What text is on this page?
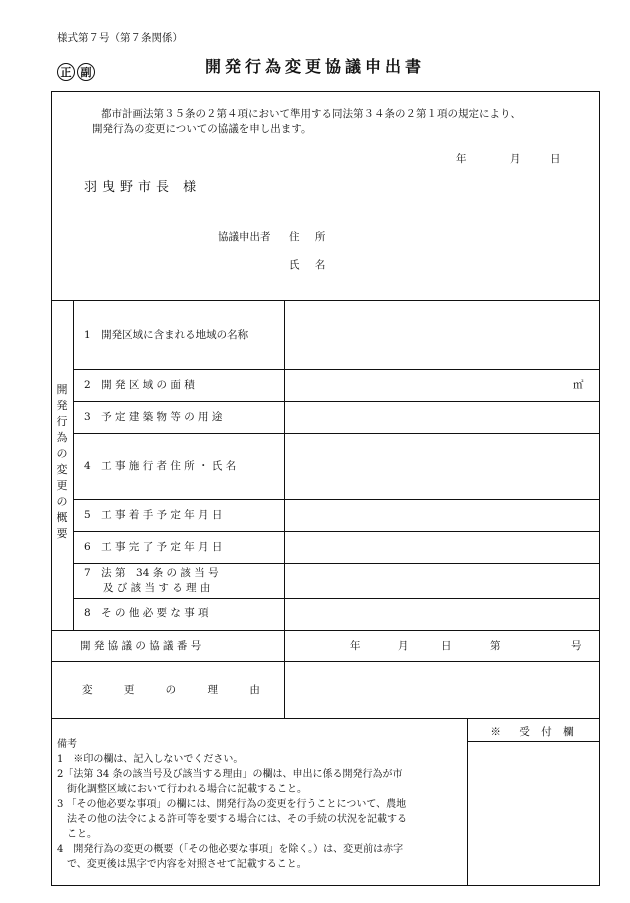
様式第７号（第７条関係）
正 副	開発行為変更協議申出書
都市計画法第３５条の２第４項において準用する同法第３４条の２第１項の規定により、
開発行為の変更についての協議を申し出ます。
年	月	日
羽曳野市長 様
協議申出者 住 所
氏 名
開発行為の変更の概要
1　開発区域に含まれる地域の名称
2　開 発 区 域 の 面 積	㎡
3　予 定 建 築 物 等 の 用 途
4　工 事 施 行 者 住 所 ・ 氏 名
5　工 事 着 手 予 定 年 月 日
6　工 事 完 了 予 定 年 月 日
7　法 第　34 条 の 該 当 号
及 び 該 当 す る 理 由
8　そ の 他 必 要 な 事 項
開 発 協 議 の 協 議 番 号	年	月	日	第	号
変 更 の 理 由
備考
1　※印の欄は、記入しないでください。
2「法第 34 条の該当号及び該当する理由」の欄は、申出に係る開発行為が市
　街化調整区域において行われる場合に記載すること。
3 「その他必要な事項」の欄には、開発行為の変更を行うことについて、農地
　法その他の法令による許可等を要する場合には、その手続の状況を記載する
　こと。
4　開発行為の変更の概要（「その他必要な事項」を除く。）は、変更前は赤字
　で、変更後は黒字で内容を対照させて記載すること。
※　受 付 欄
